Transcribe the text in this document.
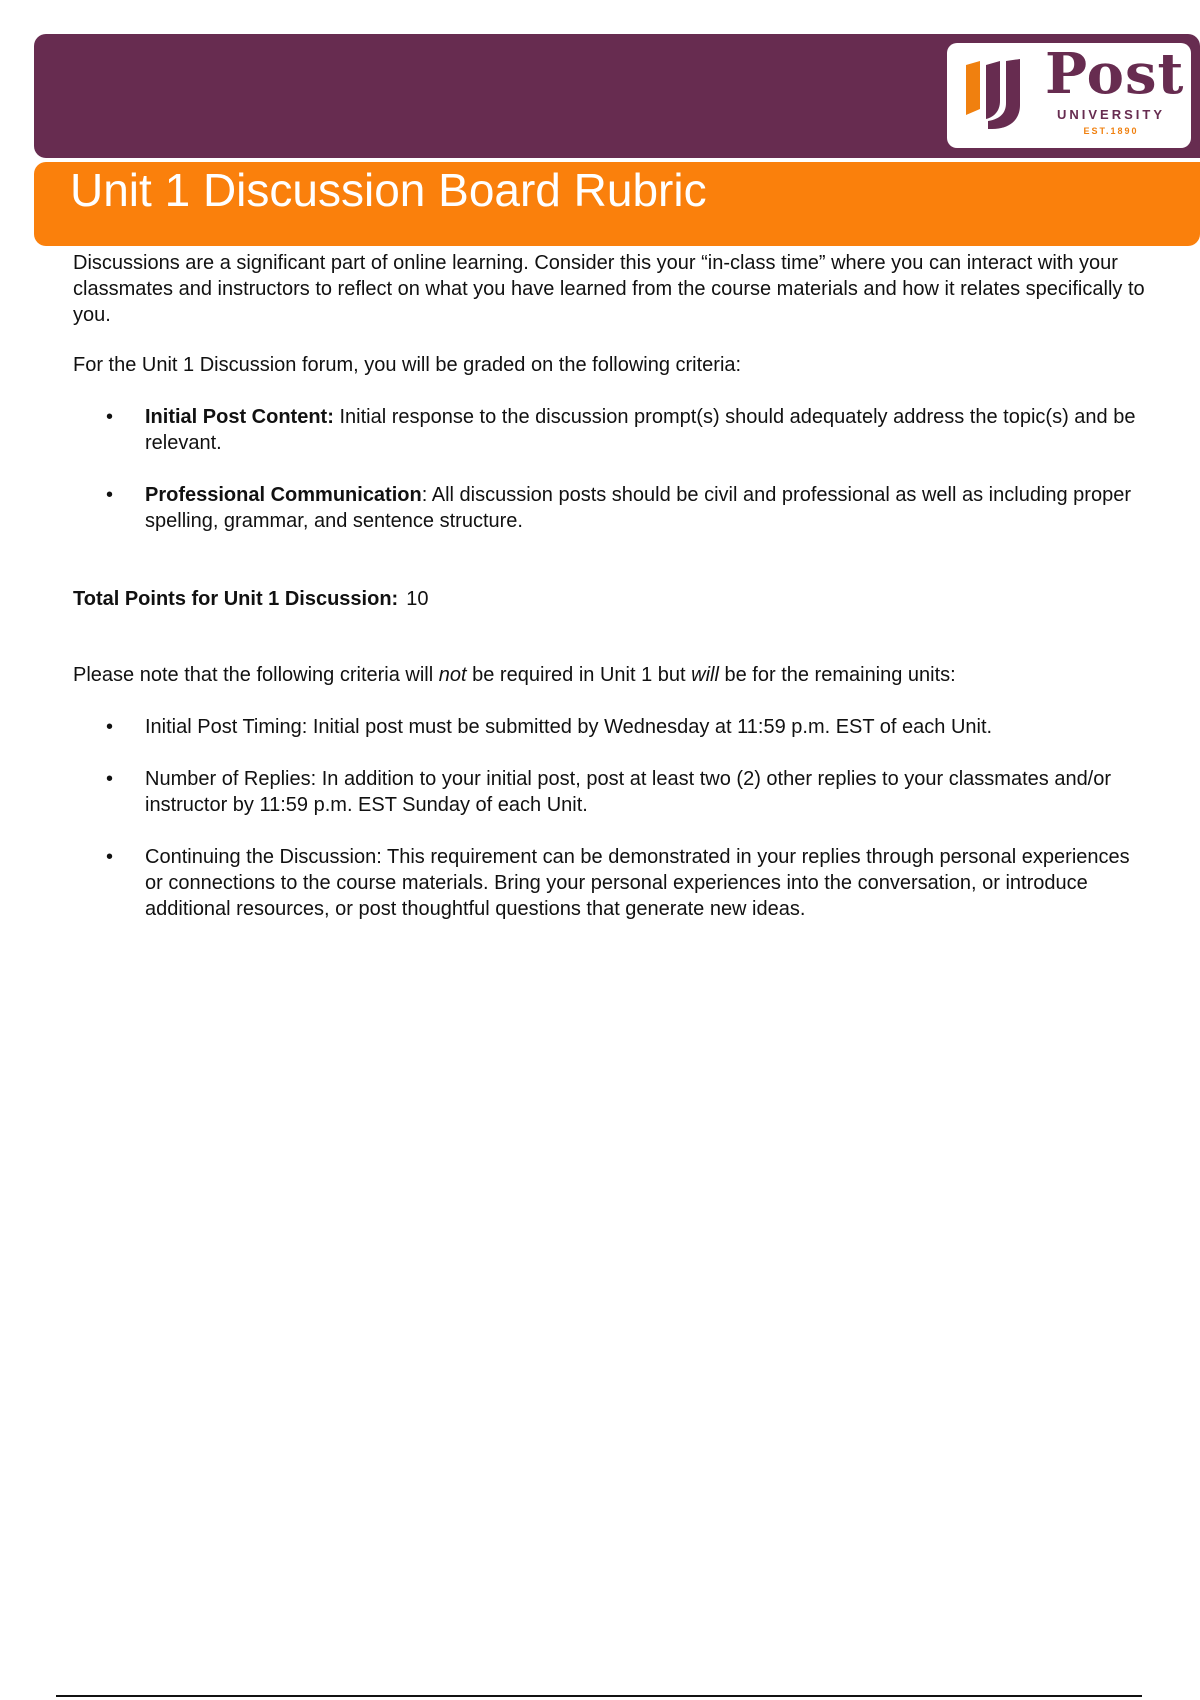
Post
UNIVERSITY
EST.1890
Unit 1 Discussion Board Rubric

Discussions are a significant part of online learning. Consider this your “in-class time” where you can interact with your classmates and instructors to reflect on what you have learned from the course materials and how it relates specifically to you.

For the Unit 1 Discussion forum, you will be graded on the following criteria:

• Initial Post Content: Initial response to the discussion prompt(s) should adequately address the topic(s) and be relevant.
• Professional Communication: All discussion posts should be civil and professional as well as including proper spelling, grammar, and sentence structure.

Total Points for Unit 1 Discussion: 10

Please note that the following criteria will not be required in Unit 1 but will be for the remaining units:

• Initial Post Timing: Initial post must be submitted by Wednesday at 11:59 p.m. EST of each Unit.
• Number of Replies: In addition to your initial post, post at least two (2) other replies to your classmates and/or instructor by 11:59 p.m. EST Sunday of each Unit.
• Continuing the Discussion: This requirement can be demonstrated in your replies through personal experiences or connections to the course materials. Bring your personal experiences into the conversation, or introduce additional resources, or post thoughtful questions that generate new ideas.
